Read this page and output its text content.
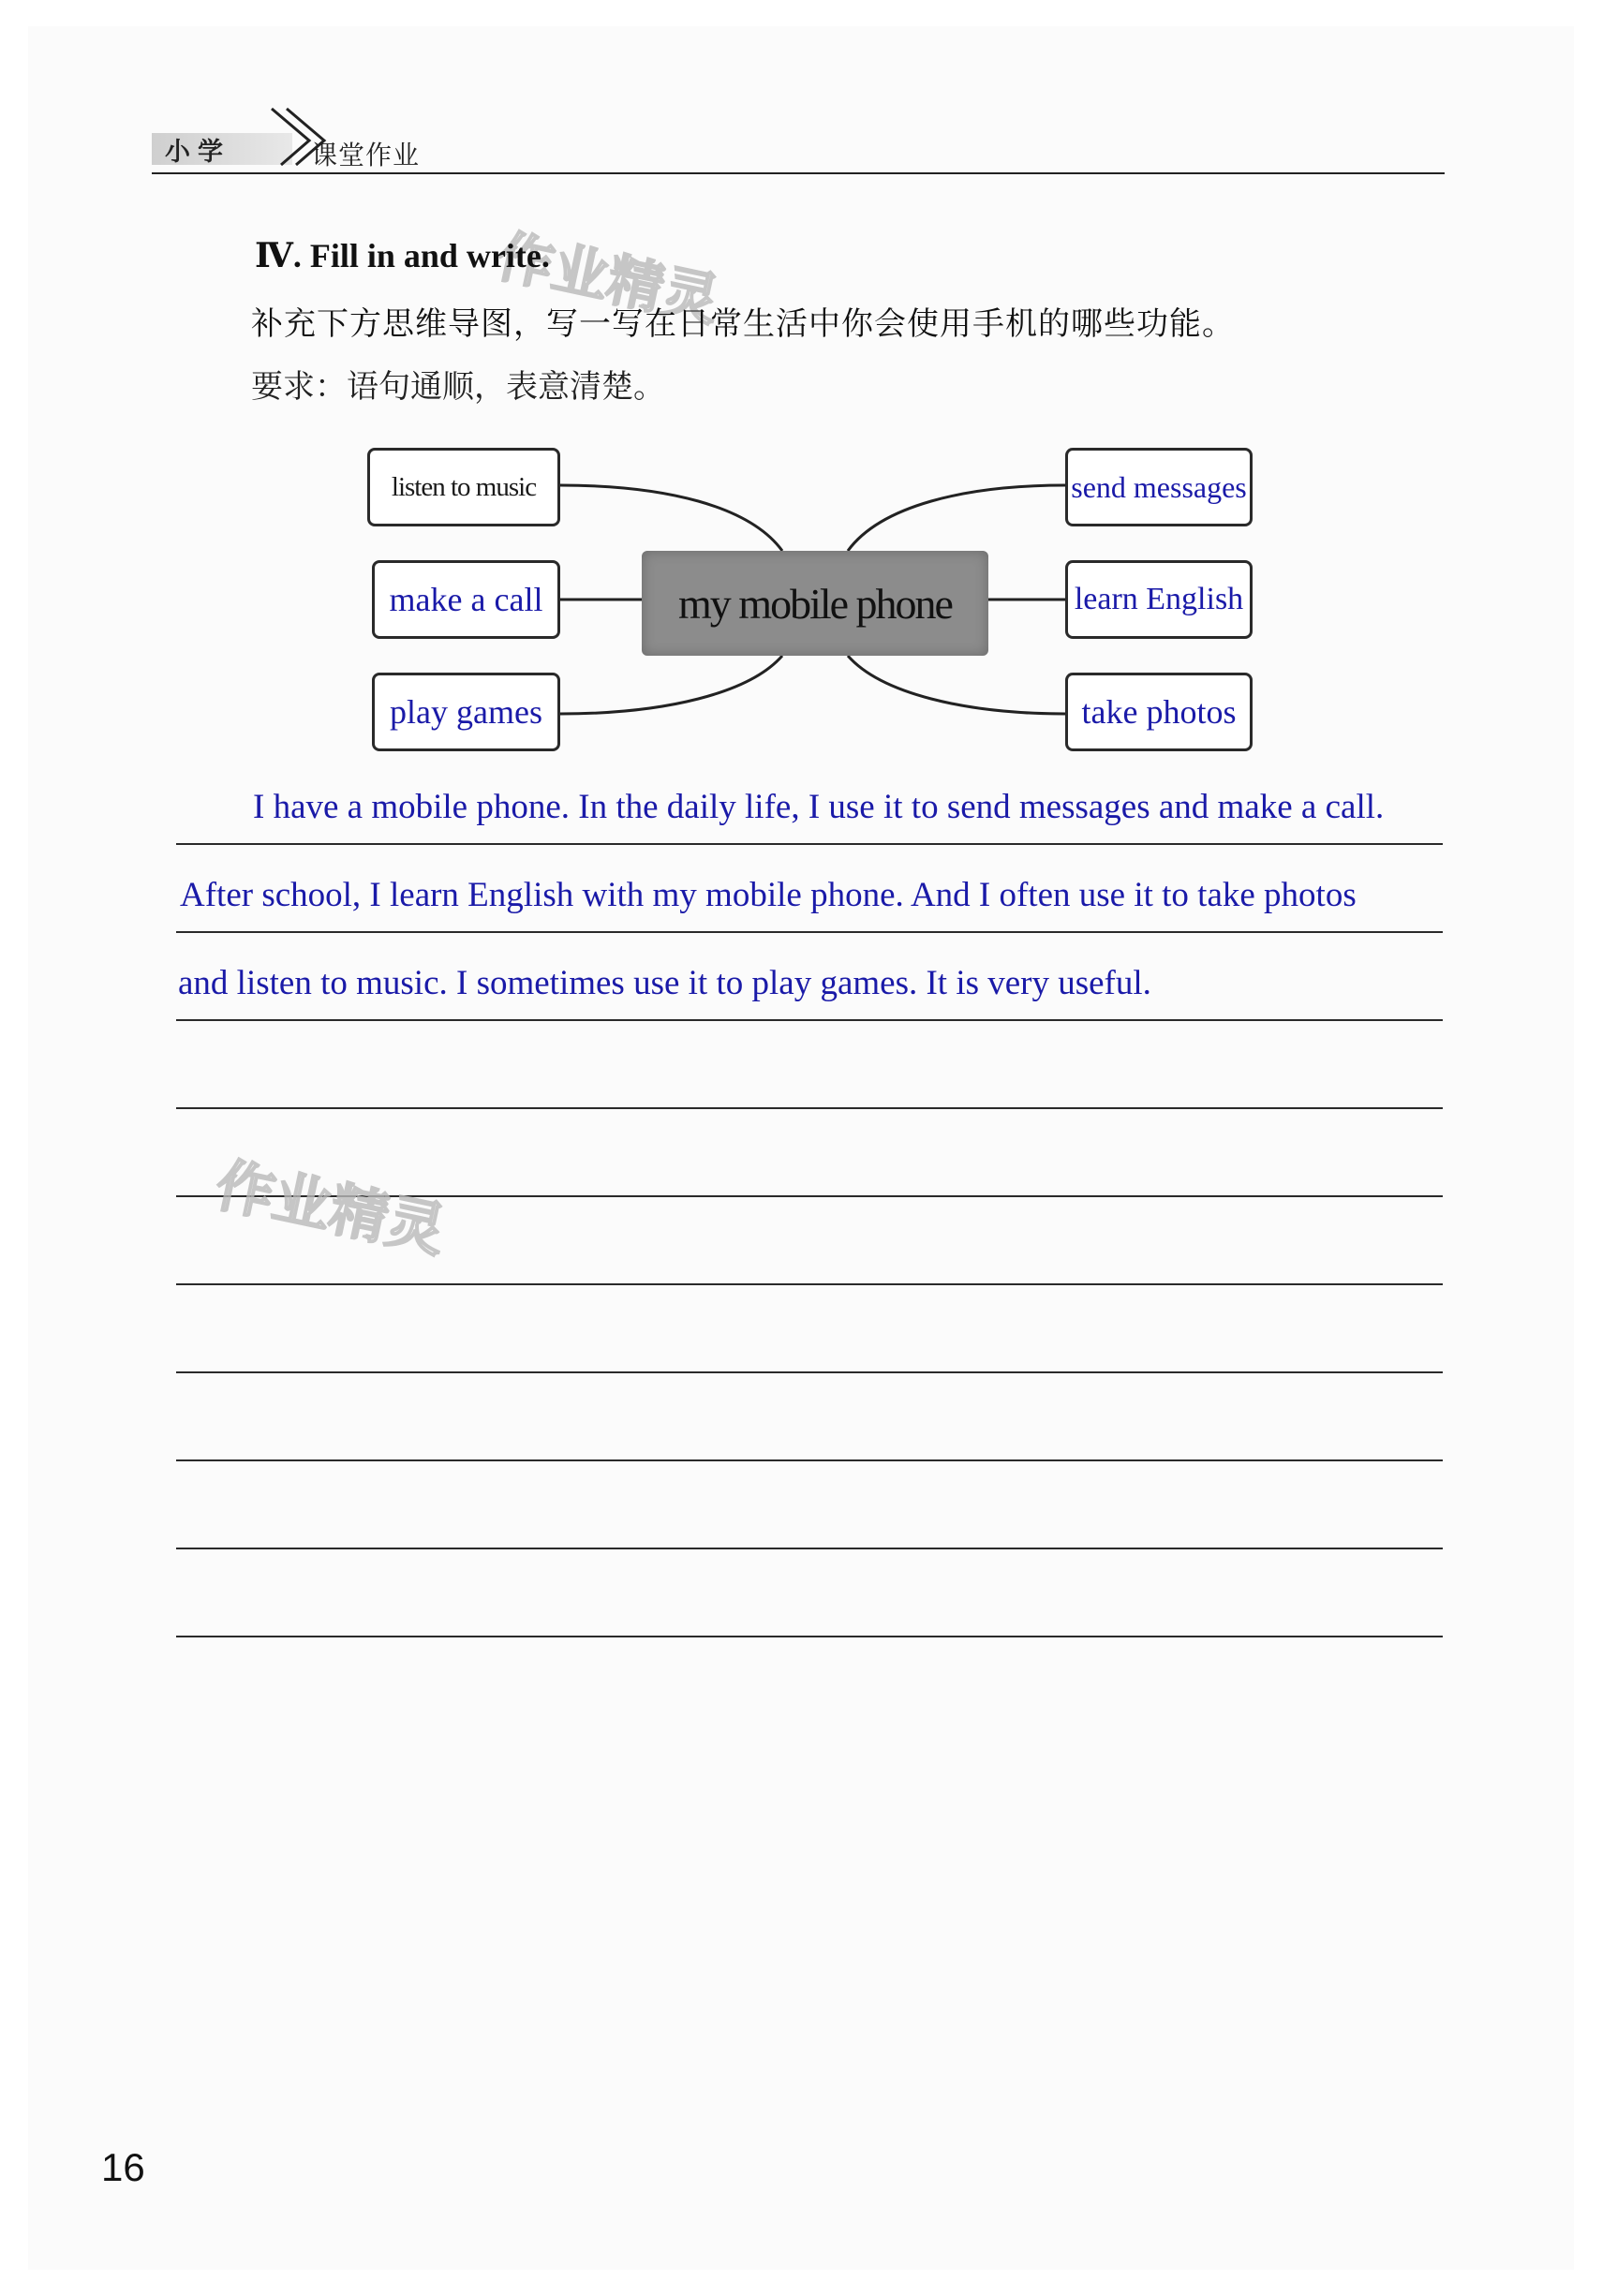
小学	课堂作业
作业精灵
Ⅳ. Fill in and write.
补充下方思维导图，写一写在日常生活中你会使用手机的哪些功能。
要求：语句通顺，表意清楚。
listen to music
make a call
play games
my mobile phone
send messages
learn English
take photos
I have a mobile phone. In the daily life, I use it to send messages and make a call.
After school, I learn English with my mobile phone. And I often use it to take photos
and listen to music. I sometimes use it to play games. It is very useful.
作业精灵
16
